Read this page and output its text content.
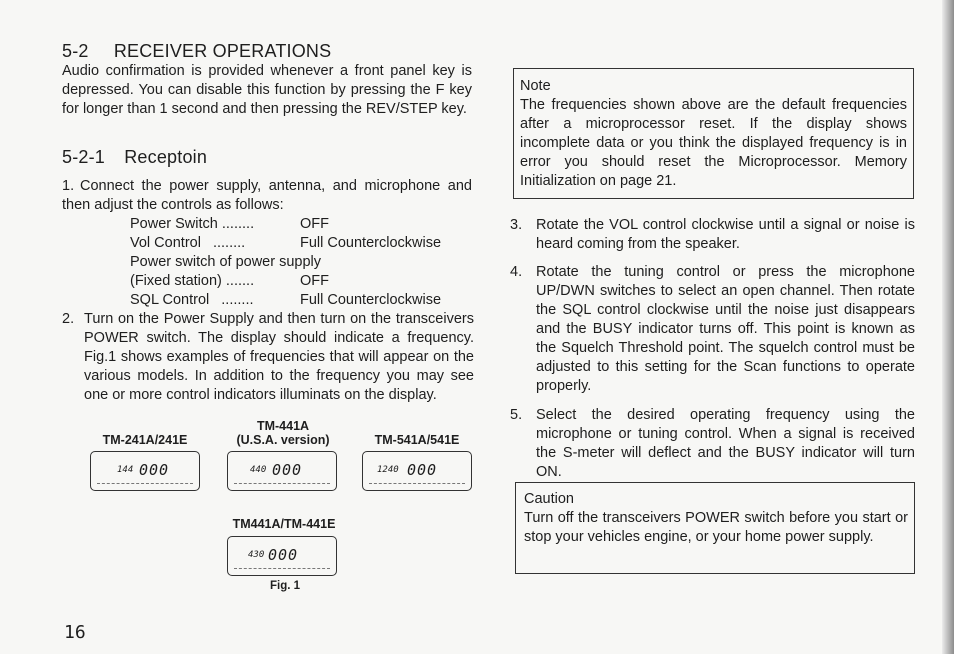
5-2 RECEIVER OPERATIONS

Audio confirmation is provided whenever a front panel key is depressed. You can disable this function by pressing the F key for longer than 1 second and then pressing the REV/STEP key.

5-2-1 Receptoin
1. Connect the power supply, antenna, and microphone and then adjust the controls as follows:
Power Switch ........	OFF
Vol Control ........	Full Counterclockwise
Power switch of power supply
(Fixed station) .......	OFF
SQL Control ........	Full Counterclockwise
2. Turn on the Power Supply and then turn on the transceivers POWER switch. The display should indicate a frequency. Fig.1 shows examples of frequencies that will appear on the various models. In addition to the frequency you may see one or more control indicators illuminats on the display.
TM-441A
TM-241A/241E	(U.S.A. version)	TM-541A/541E
144 000	440 000	1240 000
TM441A/TM-441E
430 000
Fig. 1

Note

The frequencies shown above are the default frequencies after a microprocessor reset. If the display shows incomplete data or you think the displayed frequency is in error you should reset the Microprocessor. Memory Initialization on page 21.

3. Rotate the VOL control clockwise until a signal or noise is heard coming from the speaker.
4. Rotate the tuning control or press the microphone UP/DWN switches to select an open channel. Then rotate the SQL control clockwise until the noise just disappears and the BUSY indicator turns off. This point is known as the Squelch Threshold point. The squelch control must be adjusted to this setting for the Scan functions to operate properly.
5. Select the desired operating frequency using the microphone or tuning control. When a signal is received the S-meter will deflect and the BUSY indicator will turn ON.

Caution

Turn off the transceivers POWER switch before you start or stop your vehicles engine, or your home power supply.

16
